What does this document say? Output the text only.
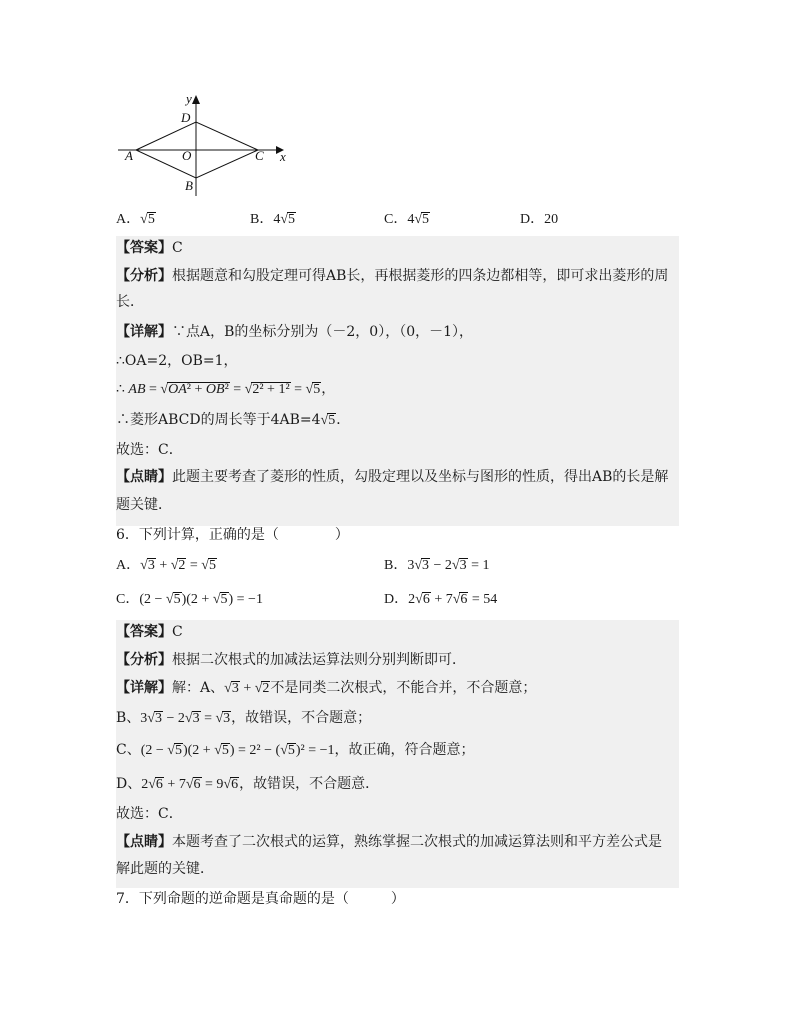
y
x
D
A	O	C
B
A．√5	B．4√5	C．4√5	D．20
【答案】C
【分析】根据题意和勾股定理可得AB长，再根据菱形的四条边都相等，即可求出菱形的周
长．
【详解】∵点A，B的坐标分别为（－2，0），（0，－1），
∴OA=2，OB=1，
∴ AB = √OA² + OB² = √2² + 1² = √5，
∴菱形ABCD的周长等于4AB=4√5．
故选：C．
【点睛】此题主要考查了菱形的性质，勾股定理以及坐标与图形的性质，得出AB的长是解
题关键．
6．下列计算，正确的是（　　　　）
A．√3 + √2 = √5	B．3√3 − 2√3 = 1
C．(2 − √5)(2 + √5) = −1	D．2√6 + 7√6 = 54
【答案】C
【分析】根据二次根式的加减法运算法则分别判断即可．
【详解】解：A、√3 + √2不是同类二次根式，不能合并，不合题意；
B、3√3 − 2√3 = √3，故错误，不合题意；
C、(2 − √5)(2 + √5) = 2² − (√5)² = −1，故正确，符合题意；
D、2√6 + 7√6 = 9√6，故错误，不合题意．
故选：C．
【点睛】本题考查了二次根式的运算，熟练掌握二次根式的加减运算法则和平方差公式是
解此题的关键．
7．下列命题的逆命题是真命题的是（　　　）
